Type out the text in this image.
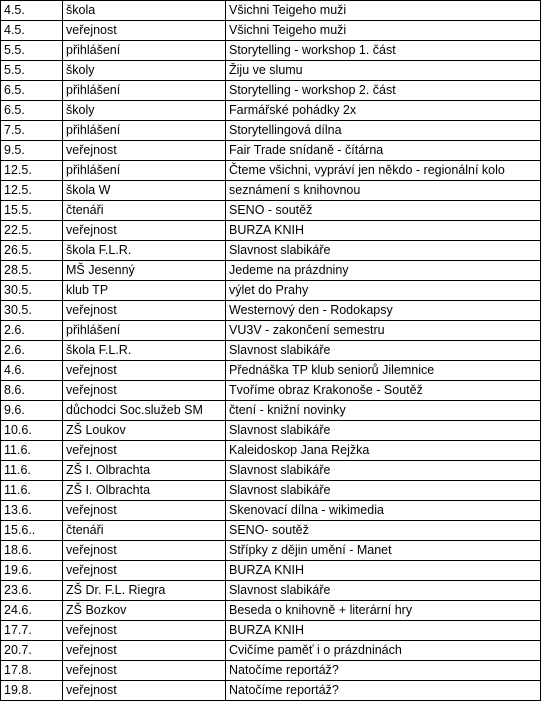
4.5.	škola	Všichni Teigeho muži
4.5.	veřejnost	Všichni Teigeho muži
5.5.	přihlášení	Storytelling - workshop 1. část
5.5.	školy	Žiju ve slumu
6.5.	přihlášení	Storytelling - workshop 2. část
6.5.	školy	Farmářské pohádky 2x
7.5.	přihlášení	Storytellingová dílna
9.5.	veřejnost	Fair Trade snídaně - čítárna
12.5.	přihlášení	Čteme všichni, vypráví jen někdo - regionální kolo
12.5.	škola W	seznámení s knihovnou
15.5.	čtenáři	SENO - soutěž
22.5.	veřejnost	BURZA KNIH
26.5.	škola F.L.R.	Slavnost slabikáře
28.5.	MŠ Jesenný	Jedeme na prázdniny
30.5.	klub TP	výlet do Prahy
30.5.	veřejnost	Westernový den - Rodokapsy
2.6.	přihlášení	VU3V - zakončení semestru
2.6.	škola F.L.R.	Slavnost slabikáře
4.6.	veřejnost	Přednáška TP klub seniorů Jilemnice
8.6.	veřejnost	Tvoříme obraz Krakonoše - Soutěž
9.6.	důchodci Soc.služeb SM	čtení - knižní novinky
10.6.	ZŠ Loukov	Slavnost slabikáře
11.6.	veřejnost	Kaleidoskop Jana Rejžka
11.6.	ZŠ I. Olbrachta	Slavnost slabikáře
11.6.	ZŠ I. Olbrachta	Slavnost slabikáře
13.6.	veřejnost	Skenovací dílna - wikimedia
15.6..	čtenáři	SENO- soutěž
18.6.	veřejnost	Střípky z dějin umění - Manet
19.6.	veřejnost	BURZA KNIH
23.6.	ZŠ Dr. F.L. Riegra	Slavnost slabikáře
24.6.	ZŠ Bozkov	Beseda o knihovně + literární hry
17.7.	veřejnost	BURZA KNIH
20.7.	veřejnost	Cvičíme paměť i o prázdninách
17.8.	veřejnost	Natočíme reportáž?
19.8.	veřejnost	Natočíme reportáž?
